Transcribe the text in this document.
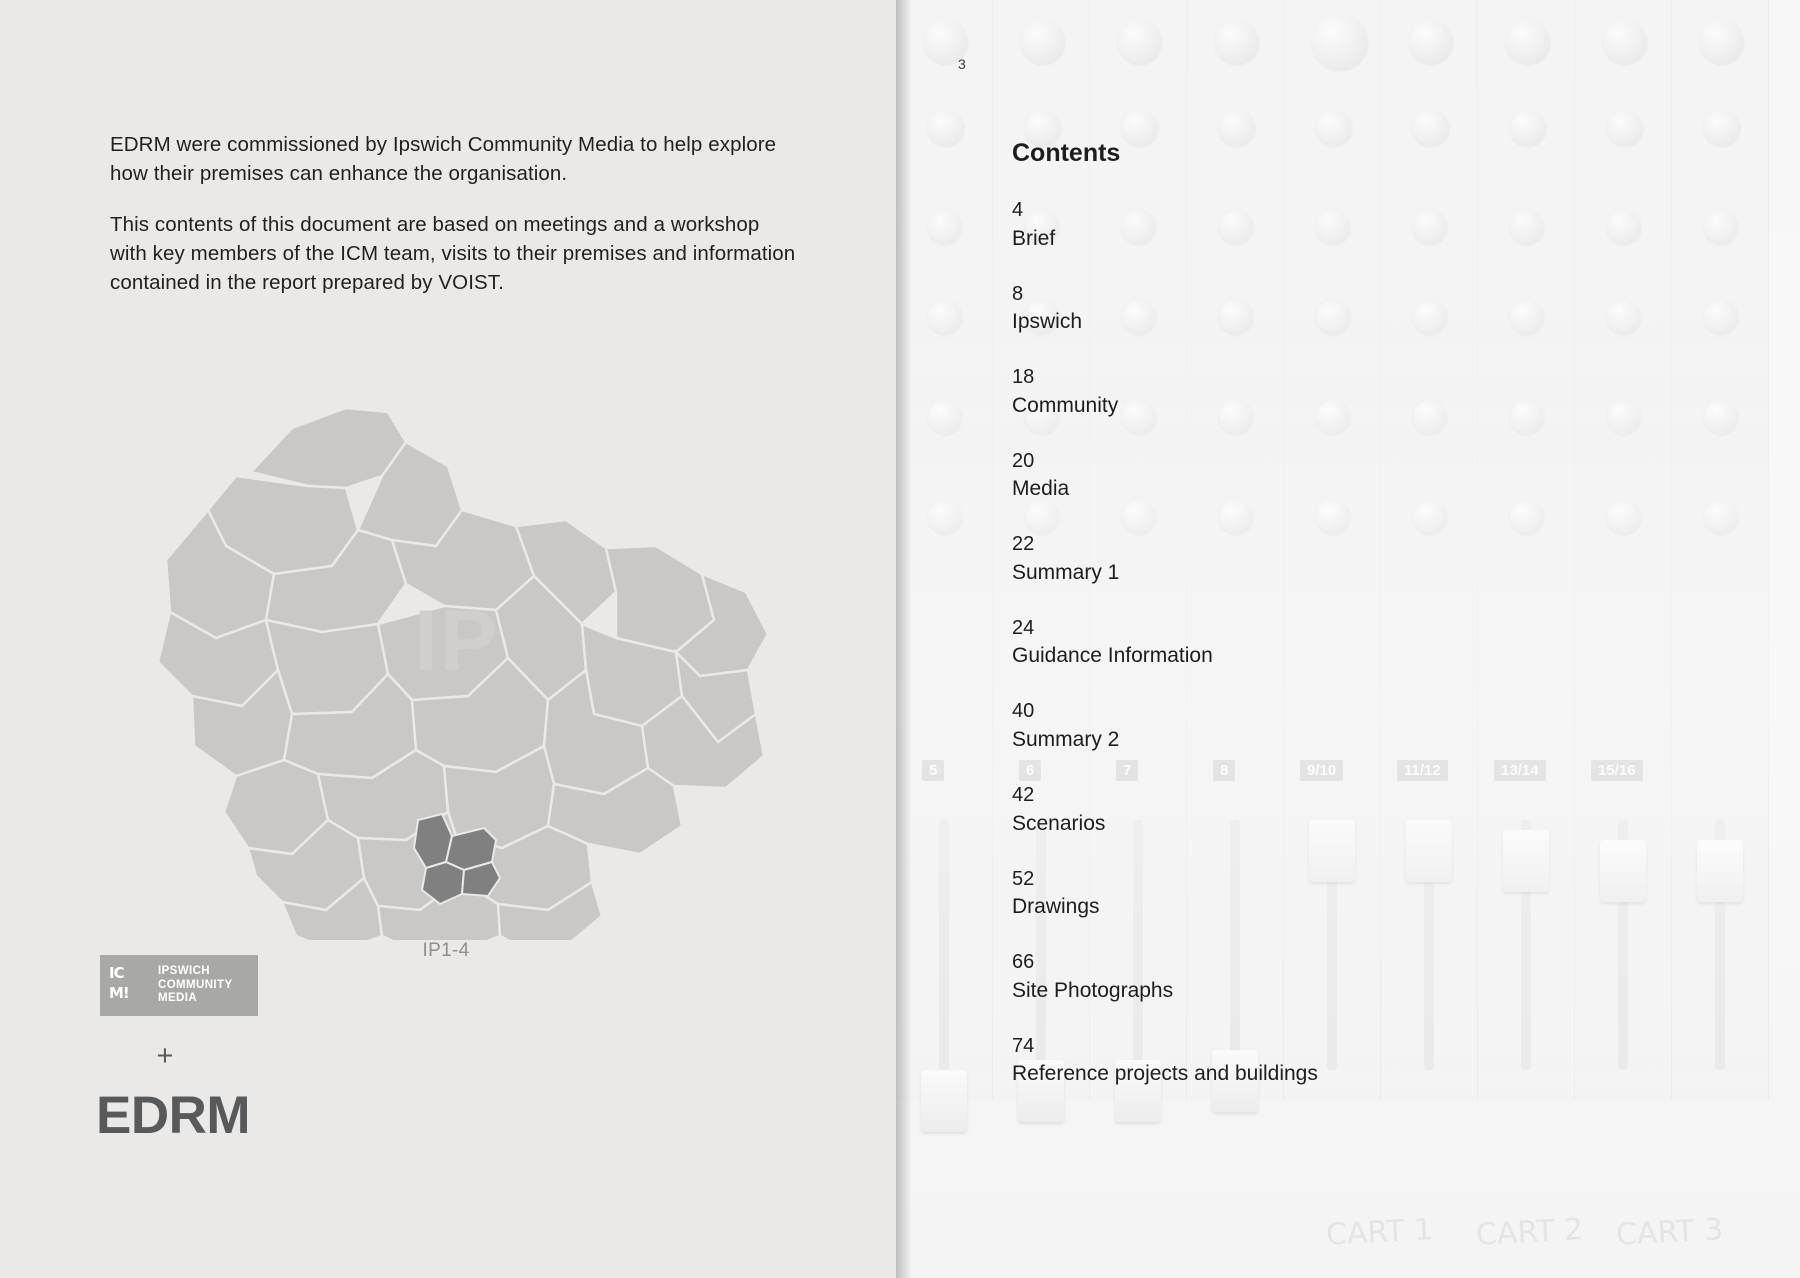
EDRM were commissioned by Ipswich Community Media to help explore how their premises can enhance the organisation.

This contents of this document are based on meetings and a workshop with key members of the ICM team, visits to their premises and information contained in the report prepared by VOIST.

IP
IP1-4
IC
M!
IPSWICH
COMMUNITY
MEDIA
+
EDRM
3
Contents
4
Brief
8
Ipswich
18
Community
20
Media
22
Summary 1
24
Guidance Information
40
Summary 2
42
Scenarios
52
Drawings
66
Site Photographs
74
Reference projects and buildings
